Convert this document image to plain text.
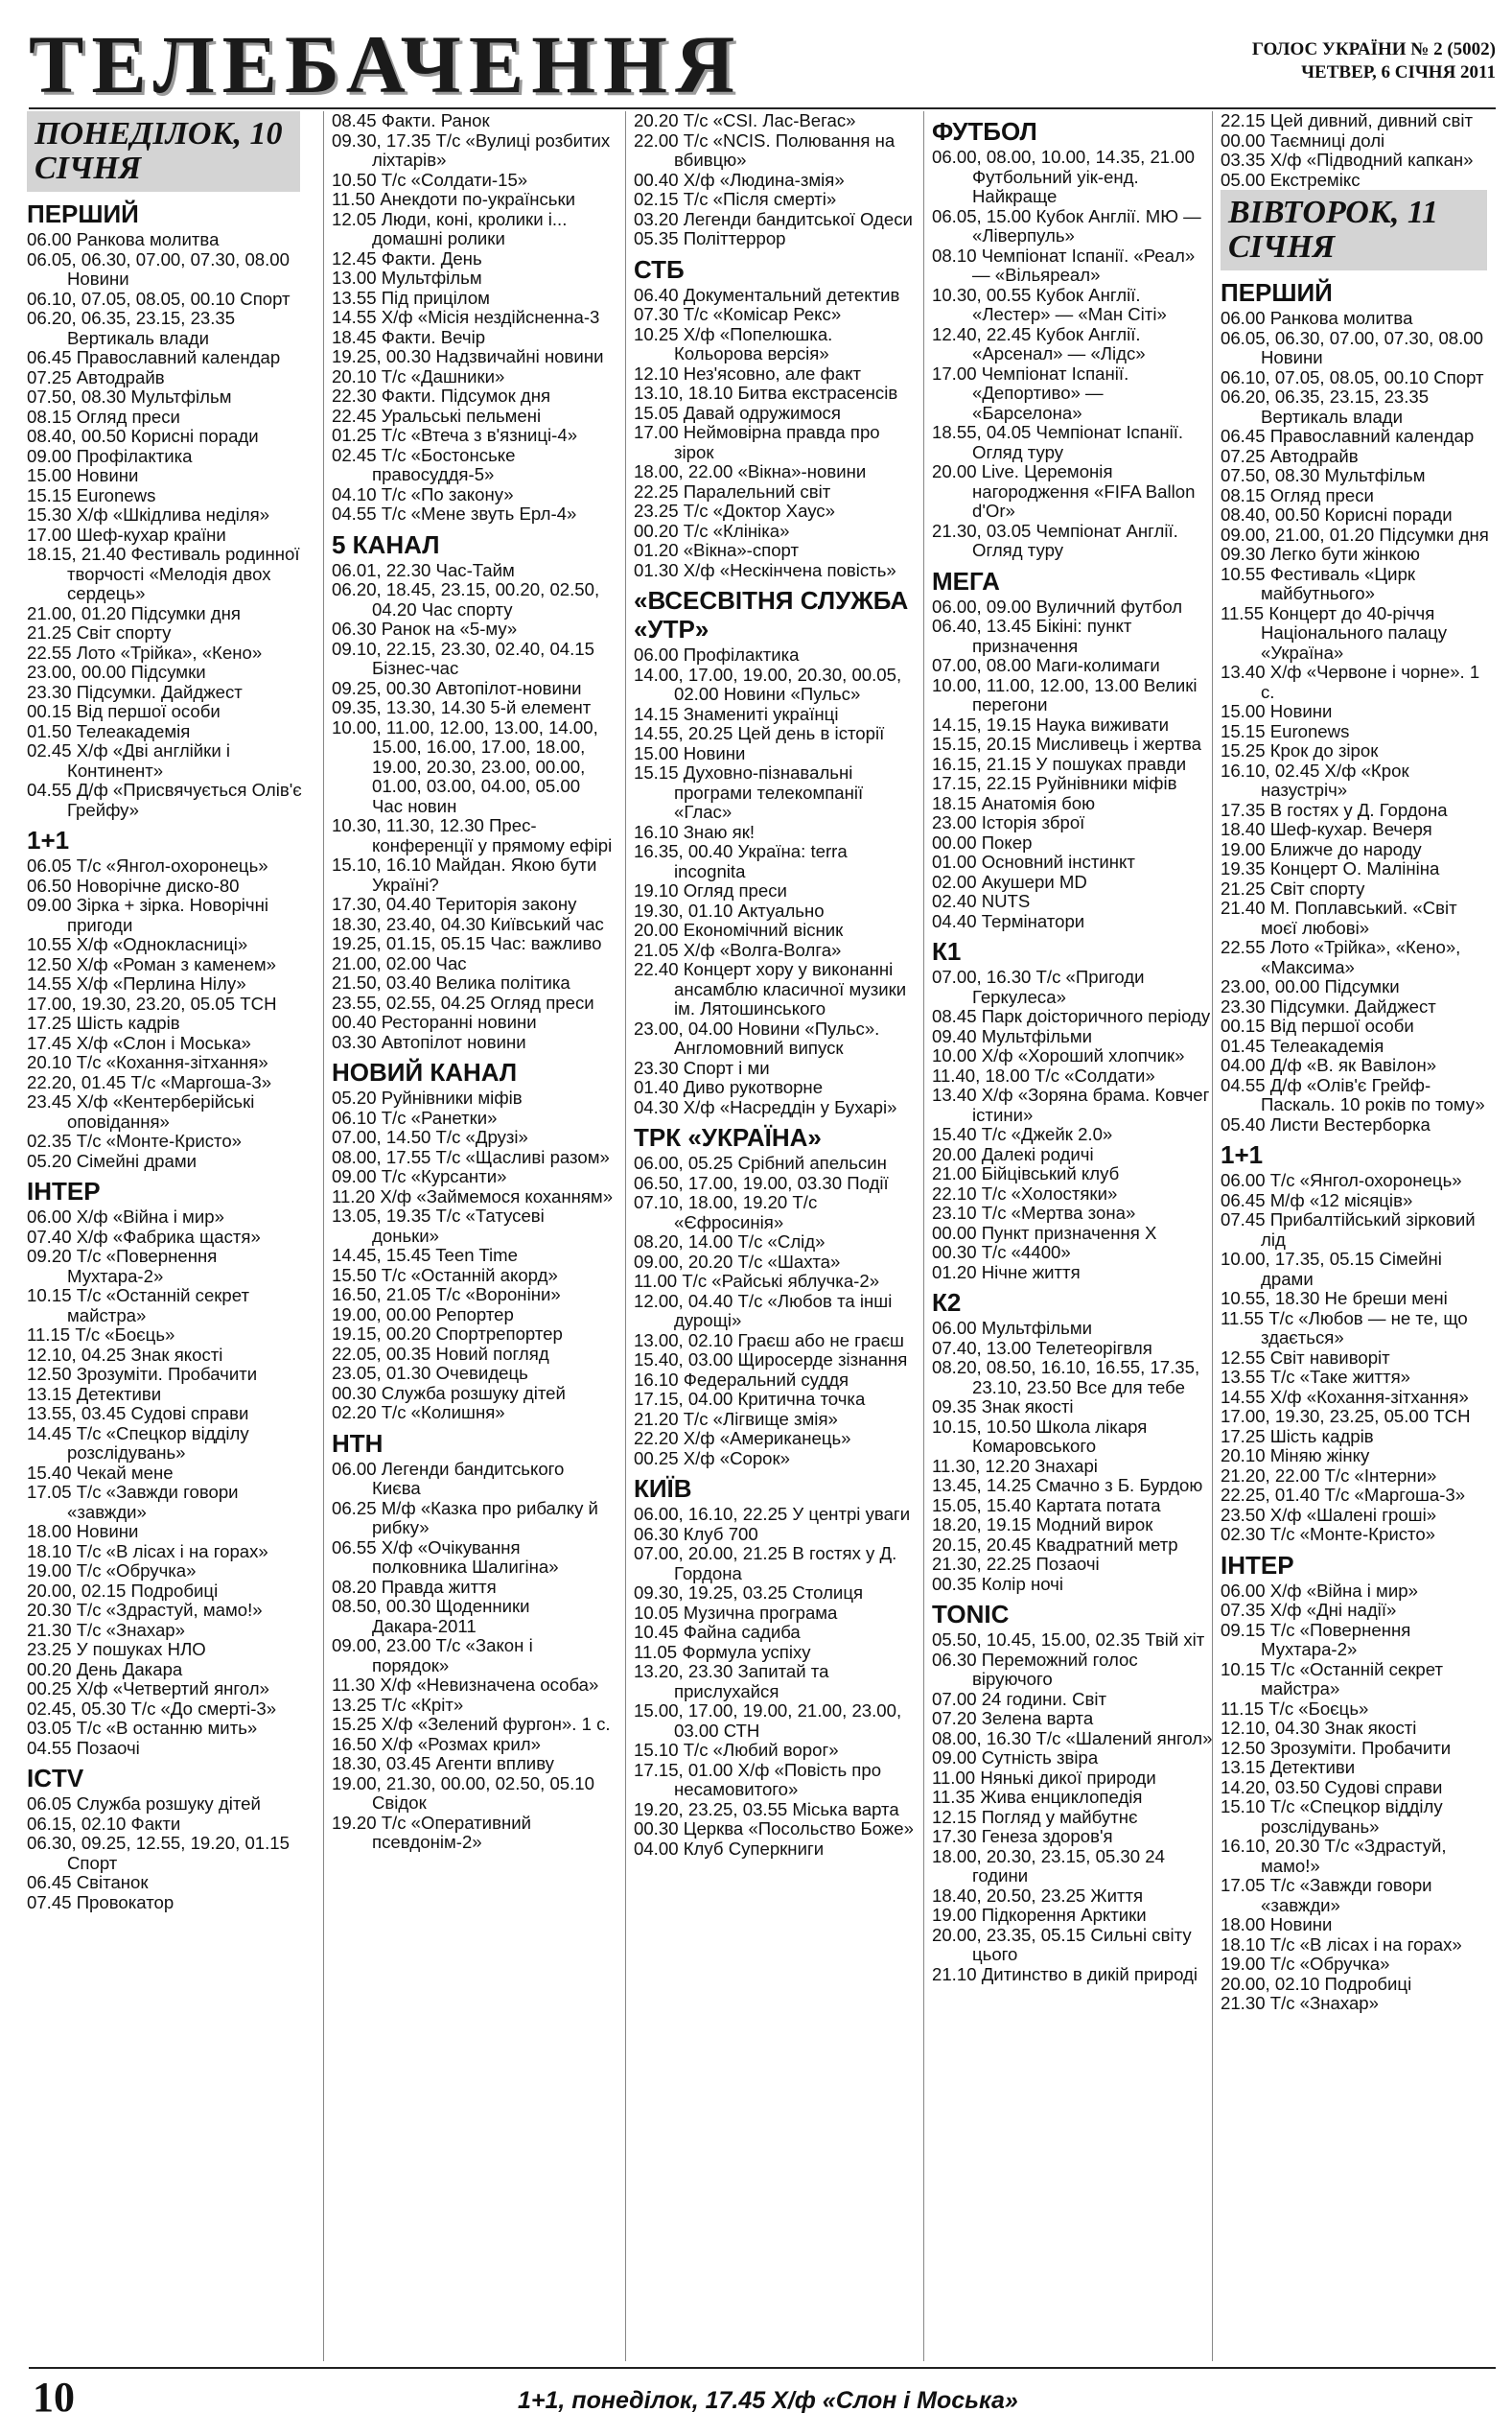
ТЕЛЕБАЧЕННЯ	ГОЛОС УКРАЇНИ № 2 (5002)
ЧЕТВЕР, 6 СІЧНЯ 2011
ПОНЕДІЛОК, 10 СІЧНЯ
ПЕРШИЙ
06.00 Ранкова молитва
06.05, 06.30, 07.00, 07.30, 08.00 Новини
06.10, 07.05, 08.05, 00.10 Спорт
06.20, 06.35, 23.15, 23.35 Вертикаль влади
06.45 Православний календар
07.25 Автодрайв
07.50, 08.30 Мультфільм
08.15 Огляд преси
08.40, 00.50 Корисні поради
09.00 Профілактика
15.00 Новини
15.15 Euronews
15.30 Х/ф «Шкідлива неділя»
17.00 Шеф-кухар країни
18.15, 21.40 Фестиваль родинної творчості «Мелодія двох сердець»
21.00, 01.20 Підсумки дня
21.25 Світ спорту
22.55 Лото «Трійка», «Кено»
23.00, 00.00 Підсумки
23.30 Підсумки. Дайджест
00.15 Від першої особи
01.50 Телеакадемія
02.45 Х/ф «Дві англійки і Континент»
04.55 Д/ф «Присвячується Олів'є Грейфу»
1+1
06.05 Т/с «Янгол-охоронець»
06.50 Новорічне диско-80
09.00 Зірка + зірка. Новорічні пригоди
10.55 Х/ф «Однокласниці»
12.50 Х/ф «Роман з каменем»
14.55 Х/ф «Перлина Нілу»
17.00, 19.30, 23.20, 05.05 ТСН
17.25 Шість кадрів
17.45 Х/ф «Слон і Моська»
20.10 Т/с «Кохання-зітхання»
22.20, 01.45 Т/с «Маргоша-3»
23.45 Х/ф «Кентерберійські оповідання»
02.35 Т/с «Монте-Кристо»
05.20 Сімейні драми
ІНТЕР
06.00 Х/ф «Війна і мир»
07.40 Х/ф «Фабрика щастя»
09.20 Т/с «Повернення Мухтара-2»
10.15 Т/с «Останній секрет майстра»
11.15 Т/с «Боєць»
12.10, 04.25 Знак якості
12.50 Зрозуміти. Пробачити
13.15 Детективи
13.55, 03.45 Судові справи
14.45 Т/с «Спецкор відділу розслідувань»
15.40 Чекай мене
17.05 Т/с «Завжди говори «завжди»
18.00 Новини
18.10 Т/с «В лісах і на горах»
19.00 Т/с «Обручка»
20.00, 02.15 Подробиці
20.30 Т/с «Здрастуй, мамо!»
21.30 Т/с «Знахар»
23.25 У пошуках НЛО
00.20 День Дакара
00.25 Х/ф «Четвертий янгол»
02.45, 05.30 Т/с «До смерті-3»
03.05 Т/с «В останню мить»
04.55 Позаочі
ICTV
06.05 Служба розшуку дітей
06.15, 02.10 Факти
06.30, 09.25, 12.55, 19.20, 01.15 Спорт
06.45 Світанок
07.45 Провокатор
08.45 Факти. Ранок
09.30, 17.35 Т/с «Вулиці розбитих ліхтарів»
10.50 Т/с «Солдати-15»
11.50 Анекдоти по-українськи
12.05 Люди, коні, кролики і... домашні ролики
12.45 Факти. День
13.00 Мультфільм
13.55 Під прицілом
14.55 Х/ф «Місія нездійсненна-3
18.45 Факти. Вечір
19.25, 00.30 Надзвичайні новини
20.10 Т/с «Дашники»
22.30 Факти. Підсумок дня
22.45 Уральські пельмені
01.25 Т/с «Втеча з в'язниці-4»
02.45 Т/с «Бостонське правосуддя-5»
04.10 Т/с «По закону»
04.55 Т/с «Мене звуть Ерл-4»
5 КАНАЛ
06.01, 22.30 Час-Тайм
06.20, 18.45, 23.15, 00.20, 02.50, 04.20 Час спорту
06.30 Ранок на «5-му»
09.10, 22.15, 23.30, 02.40, 04.15 Бізнес-час
09.25, 00.30 Автопілот-новини
09.35, 13.30, 14.30 5-й елемент
10.00, 11.00, 12.00, 13.00, 14.00, 15.00, 16.00, 17.00, 18.00, 19.00, 20.30, 23.00, 00.00, 01.00, 03.00, 04.00, 05.00 Час новин
10.30, 11.30, 12.30 Прес-конференції у прямому ефірі
15.10, 16.10 Майдан. Якою бути Україні?
17.30, 04.40 Територія закону
18.30, 23.40, 04.30 Київський час
19.25, 01.15, 05.15 Час: важливо
21.00, 02.00 Час
21.50, 03.40 Велика політика
23.55, 02.55, 04.25 Огляд преси
00.40 Ресторанні новини
03.30 Автопілот новини
НОВИЙ КАНАЛ
05.20 Руйнівники міфів
06.10 Т/с «Ранетки»
07.00, 14.50 Т/с «Друзі»
08.00, 17.55 Т/с «Щасливі разом»
09.00 Т/с «Курсанти»
11.20 Х/ф «Займемося коханням»
13.05, 19.35 Т/с «Татусеві доньки»
14.45, 15.45 Teen Time
15.50 Т/с «Останній акорд»
16.50, 21.05 Т/с «Вороніни»
19.00, 00.00 Репортер
19.15, 00.20 Спортрепортер
22.05, 00.35 Новий погляд
23.05, 01.30 Очевидець
00.30 Служба розшуку дітей
02.20 Т/с «Колишня»
НТН
06.00 Легенди бандитського Києва
06.25 М/ф «Казка про рибалку й рибку»
06.55 Х/ф «Очікування полковника Шалигіна»
08.20 Правда життя
08.50, 00.30 Щоденники Дакара-2011
09.00, 23.00 Т/с «Закон і порядок»
11.30 Х/ф «Невизначена особа»
13.25 Т/с «Кріт»
15.25 Х/ф «Зелений фургон». 1 с.
16.50 Х/ф «Розмах крил»
18.30, 03.45 Агенти впливу
19.00, 21.30, 00.00, 02.50, 05.10 Свідок
19.20 Т/с «Оперативний псевдонім-2»
20.20 Т/с «CSI. Лас-Вегас»
22.00 Т/с «NCIS. Полювання на вбивцю»
00.40 Х/ф «Людина-змія»
02.15 Т/с «Після смерті»
03.20 Легенди бандитської Одеси
05.35 Політтеррор
СТБ
06.40 Документальний детектив
07.30 Т/с «Комісар Рекс»
10.25 Х/ф «Попелюшка. Кольорова версія»
12.10 Нез'ясовно, але факт
13.10, 18.10 Битва екстрасенсів
15.05 Давай одружимося
17.00 Неймовірна правда про зірок
18.00, 22.00 «Вікна»-новини
22.25 Паралельний світ
23.25 Т/с «Доктор Хаус»
00.20 Т/с «Клініка»
01.20 «Вікна»-спорт
01.30 Х/ф «Нескінчена повість»
«ВСЕСВІТНЯ СЛУЖБА «УТР»
06.00 Профілактика
14.00, 17.00, 19.00, 20.30, 00.05, 02.00 Новини «Пульс»
14.15 Знамениті українці
14.55, 20.25 Цей день в історії
15.00 Новини
15.15 Духовно-пізнавальні програми телекомпанії «Глас»
16.10 Знаю як!
16.35, 00.40 Україна: terra incognita
19.10 Огляд преси
19.30, 01.10 Актуально
20.00 Економічний вісник
21.05 Х/ф «Волга-Волга»
22.40 Концерт хору у виконанні ансамблю класичної музики ім. Лятошинського
23.00, 04.00 Новини «Пульс». Англомовний випуск
23.30 Спорт і ми
01.40 Диво рукотворне
04.30 Х/ф «Насреддін у Бухарі»
ТРК «УКРАЇНА»
06.00, 05.25 Срібний апельсин
06.50, 17.00, 19.00, 03.30 Події
07.10, 18.00, 19.20 Т/с «Єфросинія»
08.20, 14.00 Т/с «Слід»
09.00, 20.20 Т/с «Шахта»
11.00 Т/с «Райські яблучка-2»
12.00, 04.40 Т/с «Любов та інші дурощі»
13.00, 02.10 Граєш або не граєш
15.40, 03.00 Щиросерде зізнання
16.10 Федеральний суддя
17.15, 04.00 Критична точка
21.20 Т/с «Лігвище змія»
22.20 Х/ф «Американець»
00.25 Х/ф «Сорок»
КИЇВ
06.00, 16.10, 22.25 У центрі уваги
06.30 Клуб 700
07.00, 20.00, 21.25 В гостях у Д. Гордона
09.30, 19.25, 03.25 Столиця
10.05 Музична програма
10.45 Файна садиба
11.05 Формула успіху
13.20, 23.30 Запитай та прислухайся
15.00, 17.00, 19.00, 21.00, 23.00, 03.00 СТН
15.10 Т/с «Любий ворог»
17.15, 01.00 Х/ф «Повість про несамовитого»
19.20, 23.25, 03.55 Міська варта
00.30 Церква «Посольство Боже»
04.00 Клуб Суперкниги
ФУТБОЛ
06.00, 08.00, 10.00, 14.35, 21.00 Футбольний уік-енд. Найкраще
06.05, 15.00 Кубок Англії. МЮ — «Ліверпуль»
08.10 Чемпіонат Іспанії. «Реал» — «Вільяреал»
10.30, 00.55 Кубок Англії. «Лестер» — «Ман Сіті»
12.40, 22.45 Кубок Англії. «Арсенал» — «Лідс»
17.00 Чемпіонат Іспанії. «Депортиво» — «Барселона»
18.55, 04.05 Чемпіонат Іспанії. Огляд туру
20.00 Live. Церемонія нагородження «FIFA Ballon d'Or»
21.30, 03.05 Чемпіонат Англії. Огляд туру
МЕГА
06.00, 09.00 Вуличний футбол
06.40, 13.45 Бікіні: пункт призначення
07.00, 08.00 Маги-колимаги
10.00, 11.00, 12.00, 13.00 Великі перегони
14.15, 19.15 Наука виживати
15.15, 20.15 Мисливець і жертва
16.15, 21.15 У пошуках правди
17.15, 22.15 Руйнівники міфів
18.15 Анатомія бою
23.00 Історія зброї
00.00 Покер
01.00 Основний інстинкт
02.00 Акушери MD
02.40 NUTS
04.40 Термінатори
К1
07.00, 16.30 Т/с «Пригоди Геркулеса»
08.45 Парк доісторичного періоду
09.40 Мультфільми
10.00 Х/ф «Хороший хлопчик»
11.40, 18.00 Т/с «Солдати»
13.40 Х/ф «Зоряна брама. Ковчег істини»
15.40 Т/с «Джейк 2.0»
20.00 Далекі родичі
21.00 Бійцівський клуб
22.10 Т/с «Холостяки»
23.10 Т/с «Мертва зона»
00.00 Пункт призначення Х
00.30 Т/с «4400»
01.20 Нічне життя
К2
06.00 Мультфільми
07.40, 13.00 Телетеорігвля
08.20, 08.50, 16.10, 16.55, 17.35, 23.10, 23.50 Все для тебе
09.35 Знак якості
10.15, 10.50 Школа лікаря Комаровського
11.30, 12.20 Знахарі
13.45, 14.25 Смачно з Б. Бурдою
15.05, 15.40 Картата потата
18.20, 19.15 Модний вирок
20.15, 20.45 Квадратний метр
21.30, 22.25 Позаочі
00.35 Колір ночі
TONIC
05.50, 10.45, 15.00, 02.35 Твій хіт
06.30 Переможний голос віруючого
07.00 24 години. Світ
07.20 Зелена варта
08.00, 16.30 Т/с «Шалений янгол»
09.00 Сутність звіра
11.00 Нянькі дикої природи
11.35 Жива енциклопедія
12.15 Погляд у майбутнє
17.30 Генеза здоров'я
18.00, 20.30, 23.15, 05.30 24 години
18.40, 20.50, 23.25 Життя
19.00 Підкорення Арктики
20.00, 23.35, 05.15 Сильні світу цього
21.10 Дитинство в дикій природі
22.15 Цей дивний, дивний світ
00.00 Таємниці долі
03.35 Х/ф «Підводний капкан»
05.00 Екстремікс
ВІВТОРОК, 11 СІЧНЯ
ПЕРШИЙ
06.00 Ранкова молитва
06.05, 06.30, 07.00, 07.30, 08.00 Новини
06.10, 07.05, 08.05, 00.10 Спорт
06.20, 06.35, 23.15, 23.35 Вертикаль влади
06.45 Православний календар
07.25 Автодрайв
07.50, 08.30 Мультфільм
08.15 Огляд преси
08.40, 00.50 Корисні поради
09.00, 21.00, 01.20 Підсумки дня
09.30 Легко бути жінкою
10.55 Фестиваль «Цирк майбутнього»
11.55 Концерт до 40-річчя Національного палацу «Україна»
13.40 Х/ф «Червоне і чорне». 1 с.
15.00 Новини
15.15 Euronews
15.25 Крок до зірок
16.10, 02.45 Х/ф «Крок назустріч»
17.35 В гостях у Д. Гордона
18.40 Шеф-кухар. Вечеря
19.00 Ближче до народу
19.35 Концерт О. Малініна
21.25 Світ спорту
21.40 М. Поплавський. «Світ моєї любові»
22.55 Лото «Трійка», «Кено», «Максима»
23.00, 00.00 Підсумки
23.30 Підсумки. Дайджест
00.15 Від першої особи
01.45 Телеакадемія
04.00 Д/ф «В. як Вавілон»
04.55 Д/ф «Олів'є Грейф-Паскаль. 10 років по тому»
05.40 Листи Вестерборка
1+1
06.00 Т/с «Янгол-охоронець»
06.45 М/ф «12 місяців»
07.45 Прибалтійський зірковий лід
10.00, 17.35, 05.15 Сімейні драми
10.55, 18.30 Не бреши мені
11.55 Т/с «Любов — не те, що здається»
12.55 Світ навиворіт
13.55 Т/с «Таке життя»
14.55 Х/ф «Кохання-зітхання»
17.00, 19.30, 23.25, 05.00 ТСН
17.25 Шість кадрів
20.10 Міняю жінку
21.20, 22.00 Т/с «Інтерни»
22.25, 01.40 Т/с «Маргоша-3»
23.50 Х/ф «Шалені гроші»
02.30 Т/с «Монте-Кристо»
ІНТЕР
06.00 Х/ф «Війна і мир»
07.35 Х/ф «Дні надії»
09.15 Т/с «Повернення Мухтара-2»
10.15 Т/с «Останній секрет майстра»
11.15 Т/с «Боєць»
12.10, 04.30 Знак якості
12.50 Зрозуміти. Пробачити
13.15 Детективи
14.20, 03.50 Судові справи
15.10 Т/с «Спецкор відділу розслідувань»
16.10, 20.30 Т/с «Здрастуй, мамо!»
17.05 Т/с «Завжди говори «завжди»
18.00 Новини
18.10 Т/с «В лісах і на горах»
19.00 Т/с «Обручка»
20.00, 02.10 Подробиці
21.30 Т/с «Знахар»
10	1+1, понеділок, 17.45 Х/ф «Слон і Моська»
